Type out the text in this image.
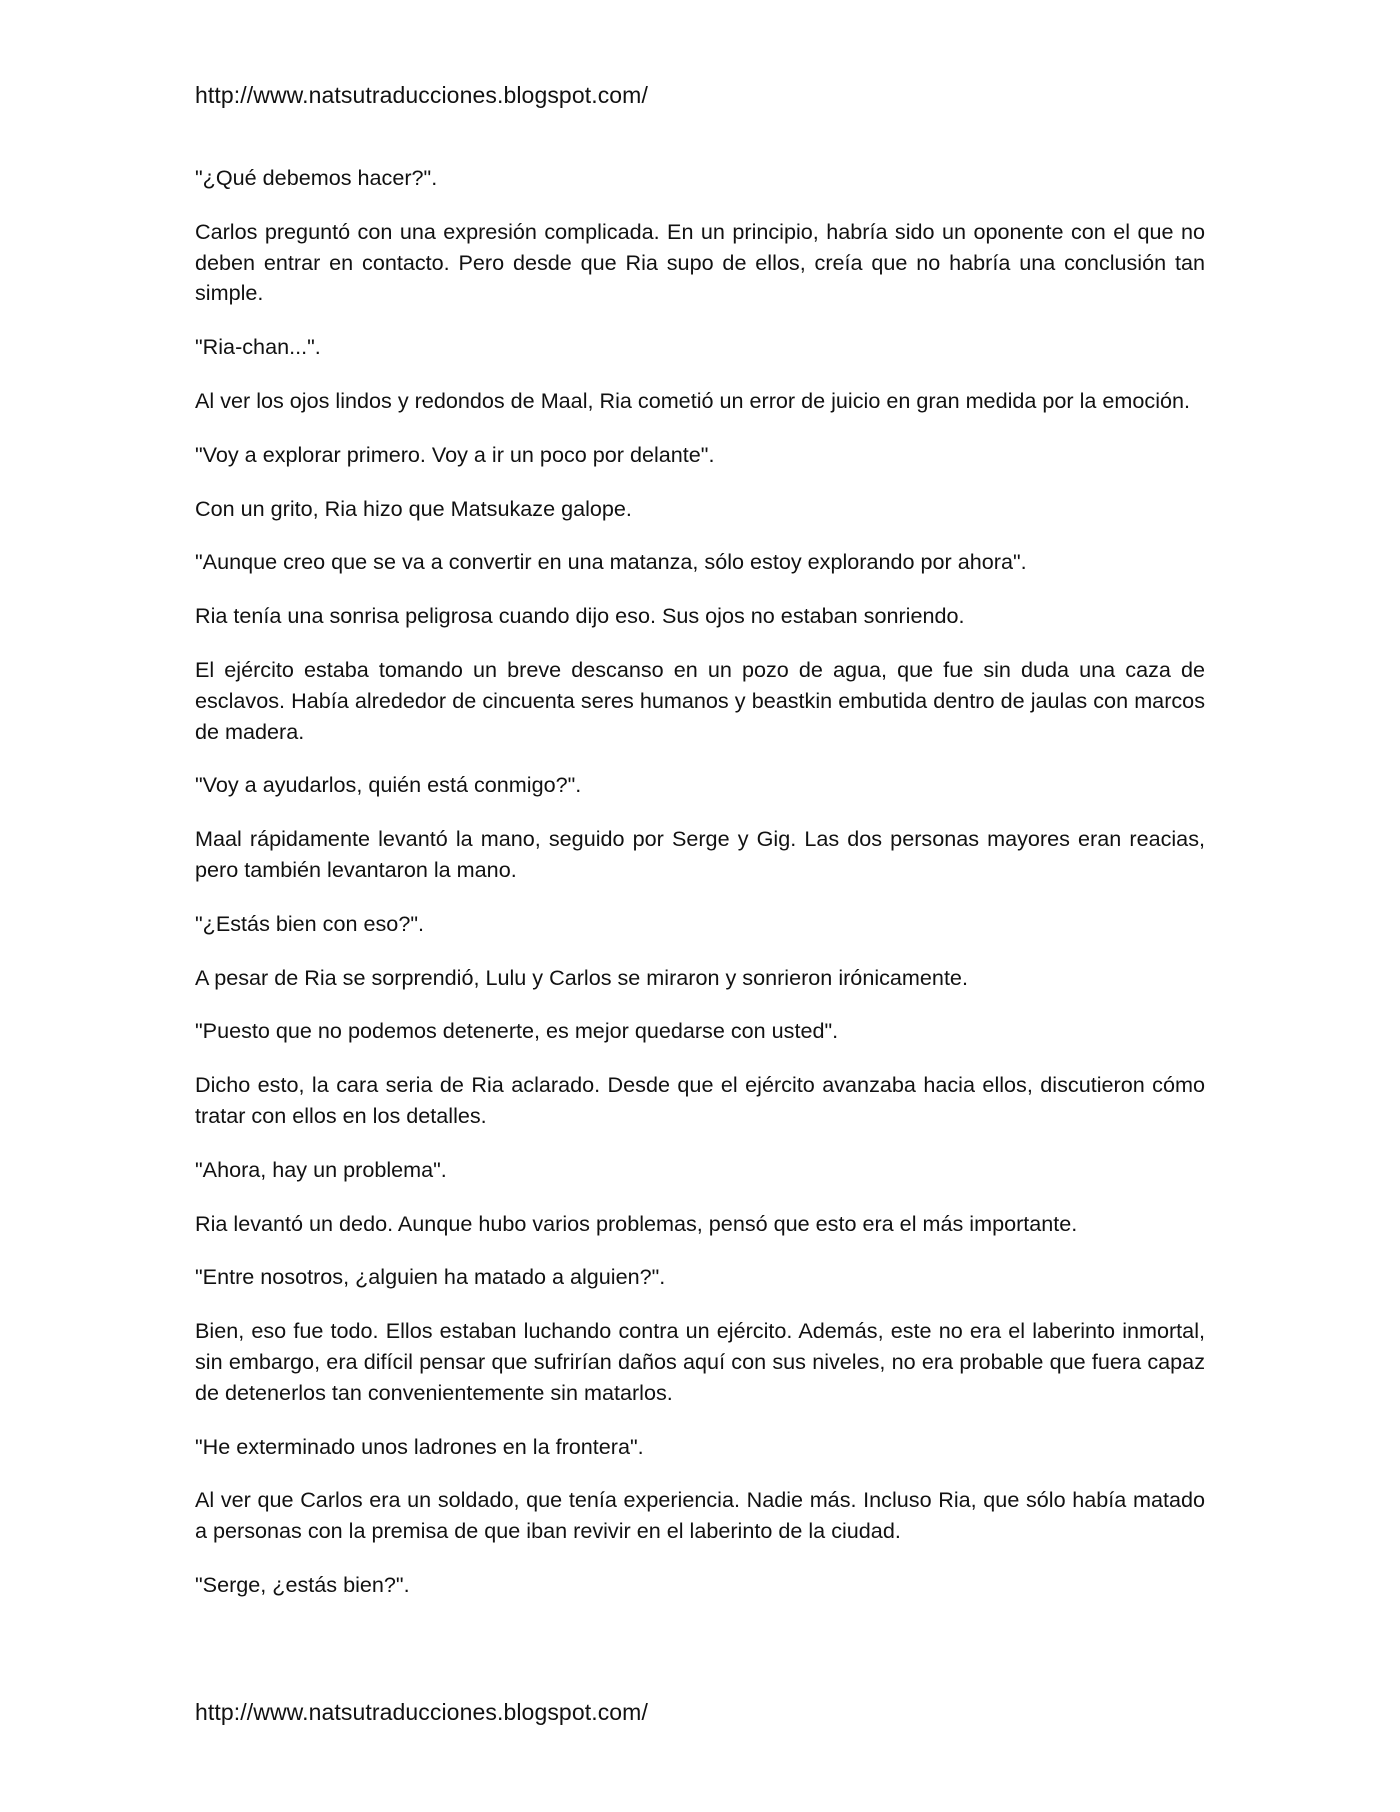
http://www.natsutraducciones.blogspot.com/

"¿Qué debemos hacer?".

Carlos preguntó con una expresión complicada. En un principio, habría sido un oponente con el que no deben entrar en contacto. Pero desde que Ria supo de ellos, creía que no habría una conclusión tan simple.

"Ria-chan...".

Al ver los ojos lindos y redondos de Maal, Ria cometió un error de juicio en gran medida por la emoción.

"Voy a explorar primero. Voy a ir un poco por delante".

Con un grito, Ria hizo que Matsukaze galope.

"Aunque creo que se va a convertir en una matanza, sólo estoy explorando por ahora".

Ria tenía una sonrisa peligrosa cuando dijo eso. Sus ojos no estaban sonriendo.

El ejército estaba tomando un breve descanso en un pozo de agua, que fue sin duda una caza de esclavos. Había alrededor de cincuenta seres humanos y beastkin embutida dentro de jaulas con marcos de madera.

"Voy a ayudarlos, quién está conmigo?".

Maal rápidamente levantó la mano, seguido por Serge y Gig. Las dos personas mayores eran reacias, pero también levantaron la mano.

"¿Estás bien con eso?".

A pesar de Ria se sorprendió, Lulu y Carlos se miraron y sonrieron irónicamente.

"Puesto que no podemos detenerte, es mejor quedarse con usted".

Dicho esto, la cara seria de Ria aclarado. Desde que el ejército avanzaba hacia ellos, discutieron cómo tratar con ellos en los detalles.

"Ahora, hay un problema".

Ria levantó un dedo. Aunque hubo varios problemas, pensó que esto era el más importante.

"Entre nosotros, ¿alguien ha matado a alguien?".

Bien, eso fue todo. Ellos estaban luchando contra un ejército. Además, este no era el laberinto inmortal, sin embargo, era difícil pensar que sufrirían daños aquí con sus niveles, no era probable que fuera capaz de detenerlos tan convenientemente sin matarlos.

"He exterminado unos ladrones en la frontera".

Al ver que Carlos era un soldado, que tenía experiencia. Nadie más. Incluso Ria, que sólo había matado a personas con la premisa de que iban revivir en el laberinto de la ciudad.

"Serge, ¿estás bien?".

http://www.natsutraducciones.blogspot.com/
